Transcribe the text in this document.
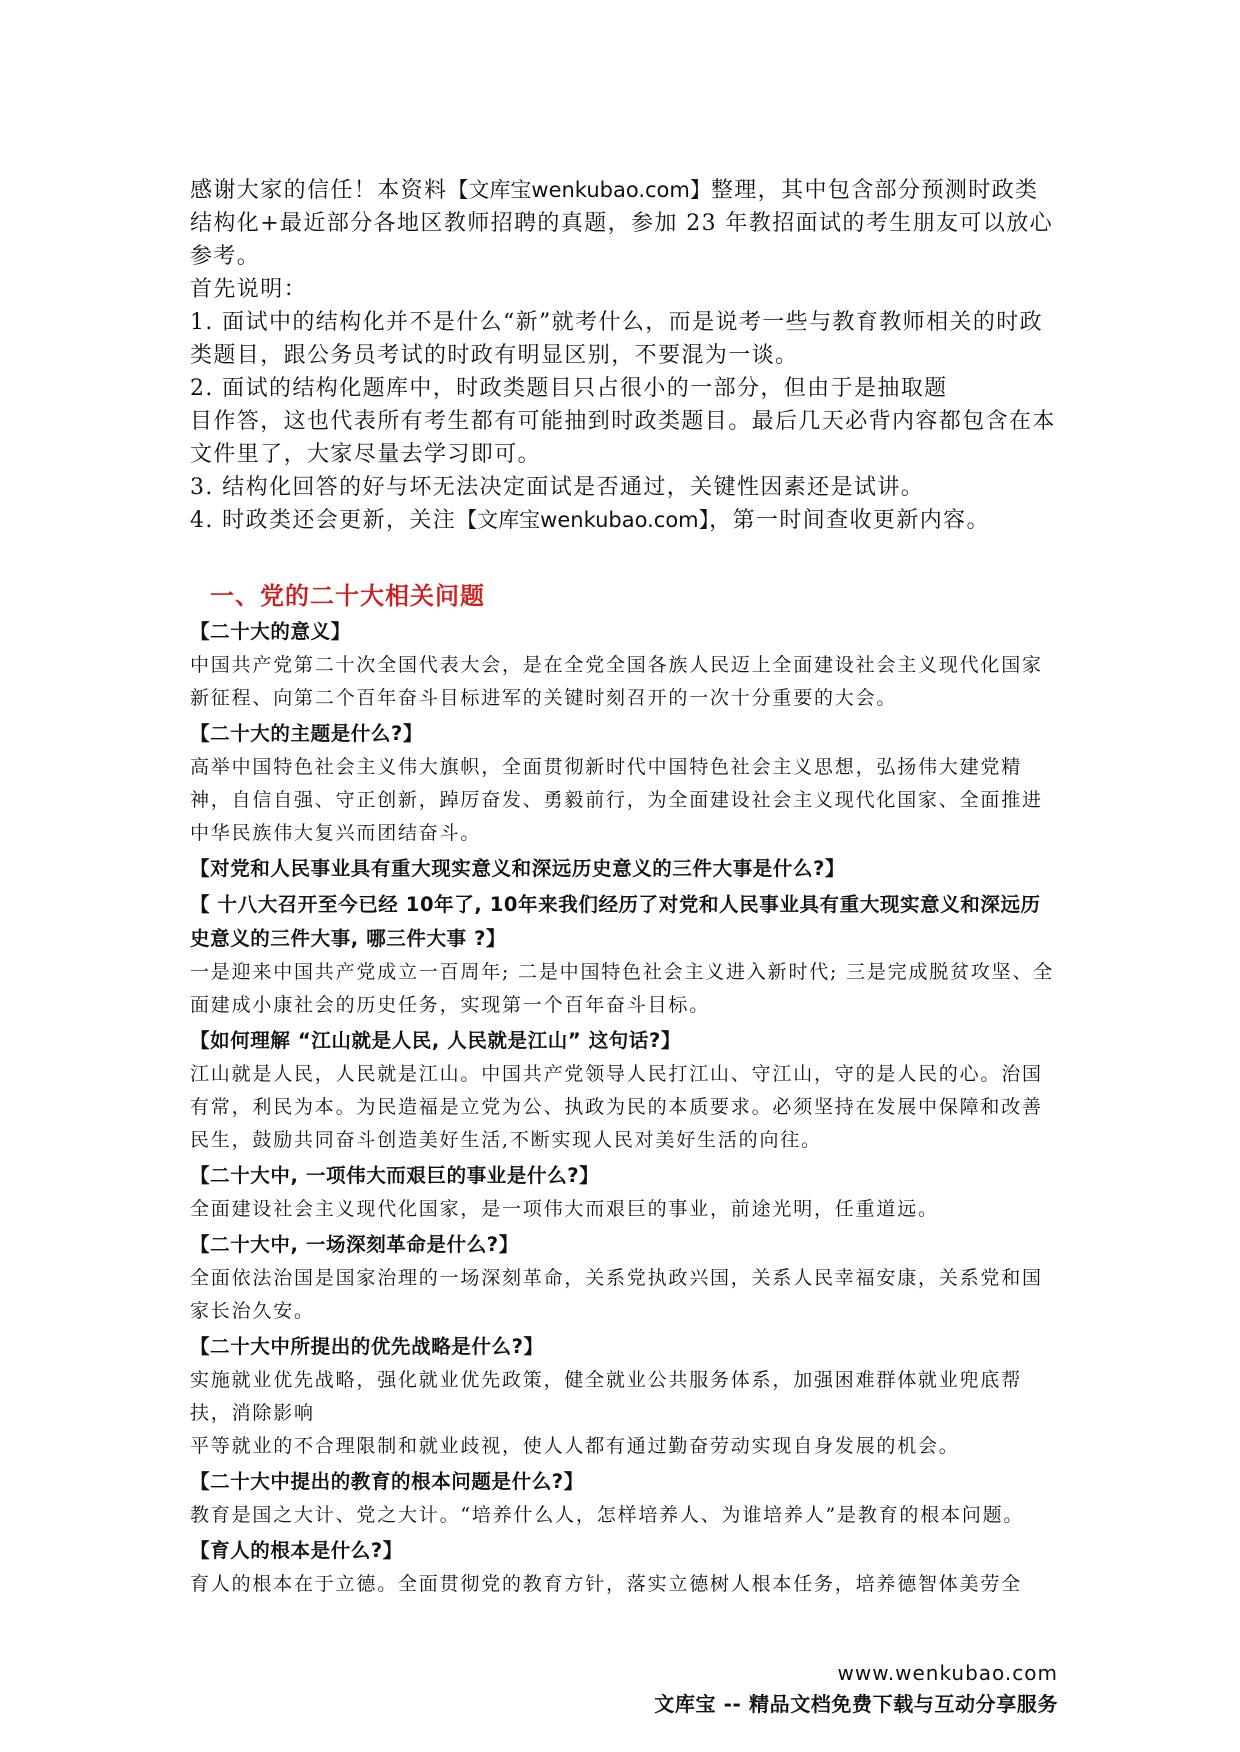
感谢大家的信任！本资料【文库宝wenkubao.com】整理，其中包含部分预测时政类结构化+最近部分各地区教师招聘的真题，参加 23 年教招面试的考生朋友可以放心参考。

首先说明：

1. 面试中的结构化并不是什么“新”就考什么，而是说考一些与教育教师相关的时政类题目，跟公务员考试的时政有明显区别，不要混为一谈。

2. 面试的结构化题库中，时政类题目只占很小的一部分，但由于是抽取题

目作答，这也代表所有考生都有可能抽到时政类题目。最后几天必背内容都包含在本文件里了，大家尽量去学习即可。

3. 结构化回答的好与坏无法决定面试是否通过，关键性因素还是试讲。

4. 时政类还会更新，关注【文库宝wenkubao.com】，第一时间查收更新内容。

一、党的二十大相关问题

【二十大的意义】

中国共产党第二十次全国代表大会，是在全党全国各族人民迈上全面建设社会主义现代化国家新征程、向第二个百年奋斗目标进军的关键时刻召开的一次十分重要的大会。

【二十大的主题是什么?】

高举中国特色社会主义伟大旗帜，全面贯彻新时代中国特色社会主义思想，弘扬伟大建党精神，自信自强、守正创新，踔厉奋发、勇毅前行，为全面建设社会主义现代化国家、全面推进中华民族伟大复兴而团结奋斗。

【对党和人民事业具有重大现实意义和深远历史意义的三件大事是什么?】

【 十八大召开至今已经 10年了, 10年来我们经历了对党和人民事业具有重大现实意义和深远历史意义的三件大事, 哪三件大事 ?】

一是迎来中国共产党成立一百周年; 二是中国特色社会主义进入新时代; 三是完成脱贫攻坚、全面建成小康社会的历史任务，实现第一个百年奋斗目标。

【如何理解 “江山就是人民, 人民就是江山” 这句话?】

江山就是人民，人民就是江山。中国共产党领导人民打江山、守江山，守的是人民的心。治国有常，利民为本。为民造福是立党为公、执政为民的本质要求。必须坚持在发展中保障和改善民生，鼓励共同奋斗创造美好生活,不断实现人民对美好生活的向往。

【二十大中, 一项伟大而艰巨的事业是什么?】

全面建设社会主义现代化国家，是一项伟大而艰巨的事业，前途光明，任重道远。

【二十大中, 一场深刻革命是什么?】

全面依法治国是国家治理的一场深刻革命，关系党执政兴国，关系人民幸福安康，关系党和国家长治久安。

【二十大中所提出的优先战略是什么?】

实施就业优先战略，强化就业优先政策，健全就业公共服务体系，加强困难群体就业兜底帮扶，消除影响

平等就业的不合理限制和就业歧视，使人人都有通过勤奋劳动实现自身发展的机会。

【二十大中提出的教育的根本问题是什么?】

教育是国之大计、党之大计。“培养什么人，怎样培养人、为谁培养人”是教育的根本问题。

【育人的根本是什么?】

育人的根本在于立德。全面贯彻党的教育方针，落实立德树人根本任务，培养德智体美劳全

www.wenkubao.com
文库宝 -- 精品文档免费下载与互动分享服务
